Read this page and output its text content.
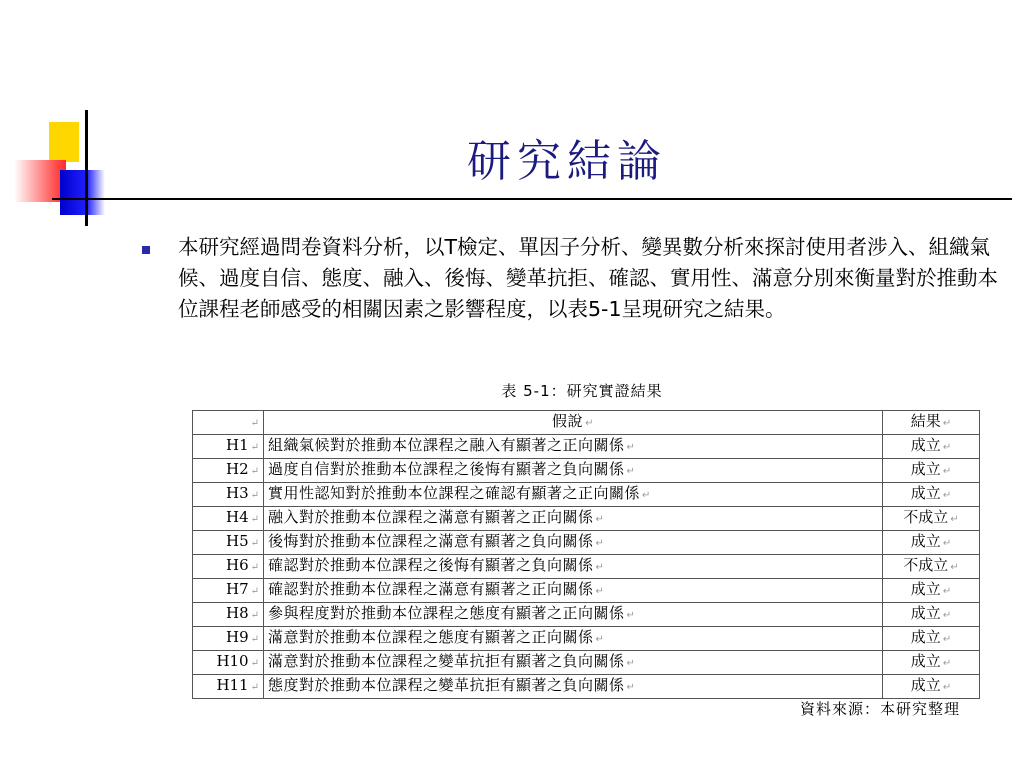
研究結論
本研究經過問卷資料分析，以T檢定、單因子分析、變異數分析來探討使用者涉入、組織氣候、過度自信、態度、融入、後悔、變革抗拒、確認、實用性、滿意分別來衡量對於推動本位課程老師感受的相關因素之影響程度，以表5-1呈現研究之結果。
表 5-1：研究實證結果
↵	假說 ↵	結果 ↵
H1 ↵	組織氣候對於推動本位課程之融入有顯著之正向關係 ↵	成立 ↵
H2 ↵	過度自信對於推動本位課程之後悔有顯著之負向關係 ↵	成立 ↵
H3 ↵	實用性認知對於推動本位課程之確認有顯著之正向關係 ↵	成立 ↵
H4 ↵	融入對於推動本位課程之滿意有顯著之正向關係 ↵	不成立 ↵
H5 ↵	後悔對於推動本位課程之滿意有顯著之負向關係 ↵	成立 ↵
H6 ↵	確認對於推動本位課程之後悔有顯著之負向關係 ↵	不成立 ↵
H7 ↵	確認對於推動本位課程之滿意有顯著之正向關係 ↵	成立 ↵
H8 ↵	參與程度對於推動本位課程之態度有顯著之正向關係 ↵	成立 ↵
H9 ↵	滿意對於推動本位課程之態度有顯著之正向關係 ↵	成立 ↵
H10 ↵	滿意對於推動本位課程之變革抗拒有顯著之負向關係 ↵	成立 ↵
H11 ↵	態度對於推動本位課程之變革抗拒有顯著之負向關係 ↵	成立 ↵
資料來源：本研究整理
